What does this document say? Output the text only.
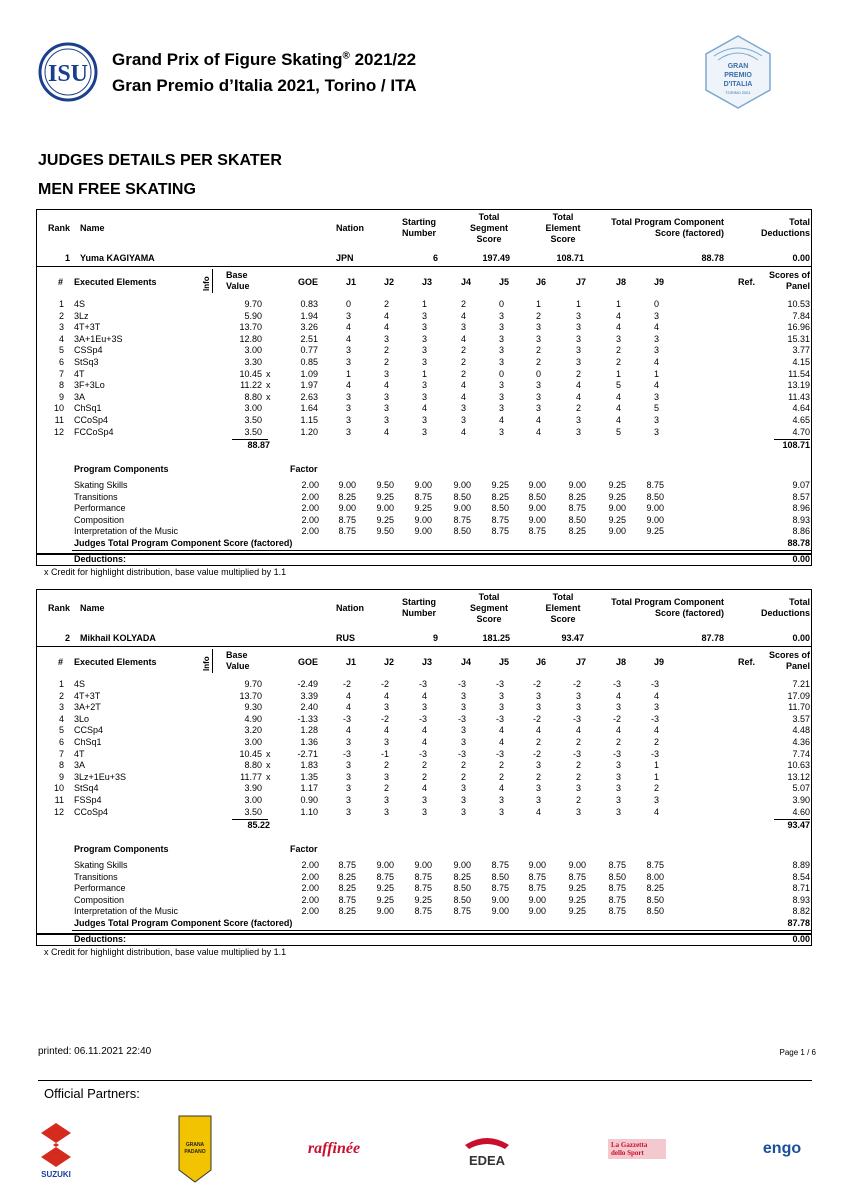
ISU
Grand Prix of Figure Skating® 2021/22
Gran Premio d’Italia 2021, Torino / ITA
GRAN
PREMIO
D'ITALIA
TORINO 2021
JUDGES DETAILS PER SKATER
MEN FREE SKATING
Rank Name	Nation
Starting
Number
Total
Segment
Score
Total
Element
Score
Total Program Component
Score (factored)
Total
Deductions
1 Yuma KAGIYAMA	JPN	6	197.49	108.71	88.78	0.00
# Executed Elements	Info
Base
Value	GOE	J1	J2	J3	J4	J5	J6	J7	J8	J9	Ref.
Scores of
Panel
1 4S	9.70	0.83	0	2	1	2	0	1	1	1	0	10.53
2 3Lz	5.90	1.94	3	4	3	4	3	2	3	4	3	7.84
3 4T+3T	13.70	3.26	4	4	3	3	3	3	3	4	4	16.96
4 3A+1Eu+3S	12.80	2.51	4	3	3	4	3	3	3	3	3	15.31
5 CSSp4	3.00	0.77	3	2	3	2	3	2	3	2	3	3.77
6 StSq3	3.30	0.85	3	2	3	2	3	2	3	2	4	4.15
7 4T	10.45 x	1.09	1	3	1	2	0	0	2	1	1	11.54
8 3F+3Lo	11.22 x	1.97	4	4	3	4	3	3	4	5	4	13.19
9 3A	8.80 x	2.63	3	3	3	4	3	3	4	4	3	11.43
10 ChSq1	3.00	1.64	3	3	4	3	3	3	2	4	5	4.64
11 CCoSp4	3.50	1.15	3	3	3	3	4	4	3	4	3	4.65
12 FCCoSp4	3.50	1.20	3	4	3	4	3	4	3	5	3	4.70
88.87	108.71
Program Components	Factor
Skating Skills	2.00	9.00	9.50	9.00	9.00	9.25	9.00	9.00	9.25	8.75	9.07
Transitions	2.00	8.25	9.25	8.75	8.50	8.25	8.50	8.25	9.25	8.50	8.57
Performance	2.00	9.00	9.00	9.25	9.00	8.50	9.00	8.75	9.00	9.00	8.96
Composition	2.00	8.75	9.25	9.00	8.75	8.75	9.00	8.50	9.25	9.00	8.93
Interpretation of the Music	2.00	8.75	9.50	9.00	8.50	8.75	8.75	8.25	9.00	9.25	8.86
Judges Total Program Component Score (factored)	88.78
Deductions:	0.00
x Credit for highlight distribution, base value multiplied by 1.1
Rank Name	Nation
Starting
Number
Total
Segment
Score
Total
Element
Score
Total Program Component
Score (factored)
Total
Deductions
2 Mikhail KOLYADA	RUS	9	181.25	93.47	87.78	0.00
# Executed Elements	Info
Base
Value	GOE	J1	J2	J3	J4	J5	J6	J7	J8	J9	Ref.
Scores of
Panel
1 4S	9.70	-2.49	-2	-2	-3	-3	-3	-2	-2	-3	-3	7.21
2 4T+3T	13.70	3.39	4	4	4	3	3	3	3	4	4	17.09
3 3A+2T	9.30	2.40	4	3	3	3	3	3	3	3	3	11.70
4 3Lo	4.90	-1.33	-3	-2	-3	-3	-3	-2	-3	-2	-3	3.57
5 CCSp4	3.20	1.28	4	4	4	3	4	4	4	4	4	4.48
6 ChSq1	3.00	1.36	3	3	4	3	4	2	2	2	2	4.36
7 4T	10.45 x	-2.71	-3	-1	-3	-3	-3	-2	-3	-3	-3	7.74
8 3A	8.80 x	1.83	3	2	2	2	2	3	2	3	1	10.63
9 3Lz+1Eu+3S	11.77 x	1.35	3	3	2	2	2	2	2	3	1	13.12
10 StSq4	3.90	1.17	3	2	4	3	4	3	3	3	2	5.07
11 FSSp4	3.00	0.90	3	3	3	3	3	3	2	3	3	3.90
12 CCoSp4	3.50	1.10	3	3	3	3	3	4	3	3	4	4.60
85.22	93.47
Program Components	Factor
Skating Skills	2.00	8.75	9.00	9.00	9.00	8.75	9.00	9.00	8.75	8.75	8.89
Transitions	2.00	8.25	8.75	8.75	8.25	8.50	8.75	8.75	8.50	8.00	8.54
Performance	2.00	8.25	9.25	8.75	8.50	8.75	8.75	9.25	8.75	8.25	8.71
Composition	2.00	8.75	9.25	9.25	8.50	9.00	9.00	9.25	8.75	8.50	8.93
Interpretation of the Music	2.00	8.25	9.00	8.75	8.75	9.00	9.00	9.25	8.75	8.50	8.82
Judges Total Program Component Score (factored)	87.78
Deductions:	0.00
x Credit for highlight distribution, base value multiplied by 1.1
printed: 06.11.2021 22:40	Page 1 / 6
Official Partners:
SUZUKI
GRANA
PADANO	raffinée
EDEA
La Gazzetta dello Sport	engo
